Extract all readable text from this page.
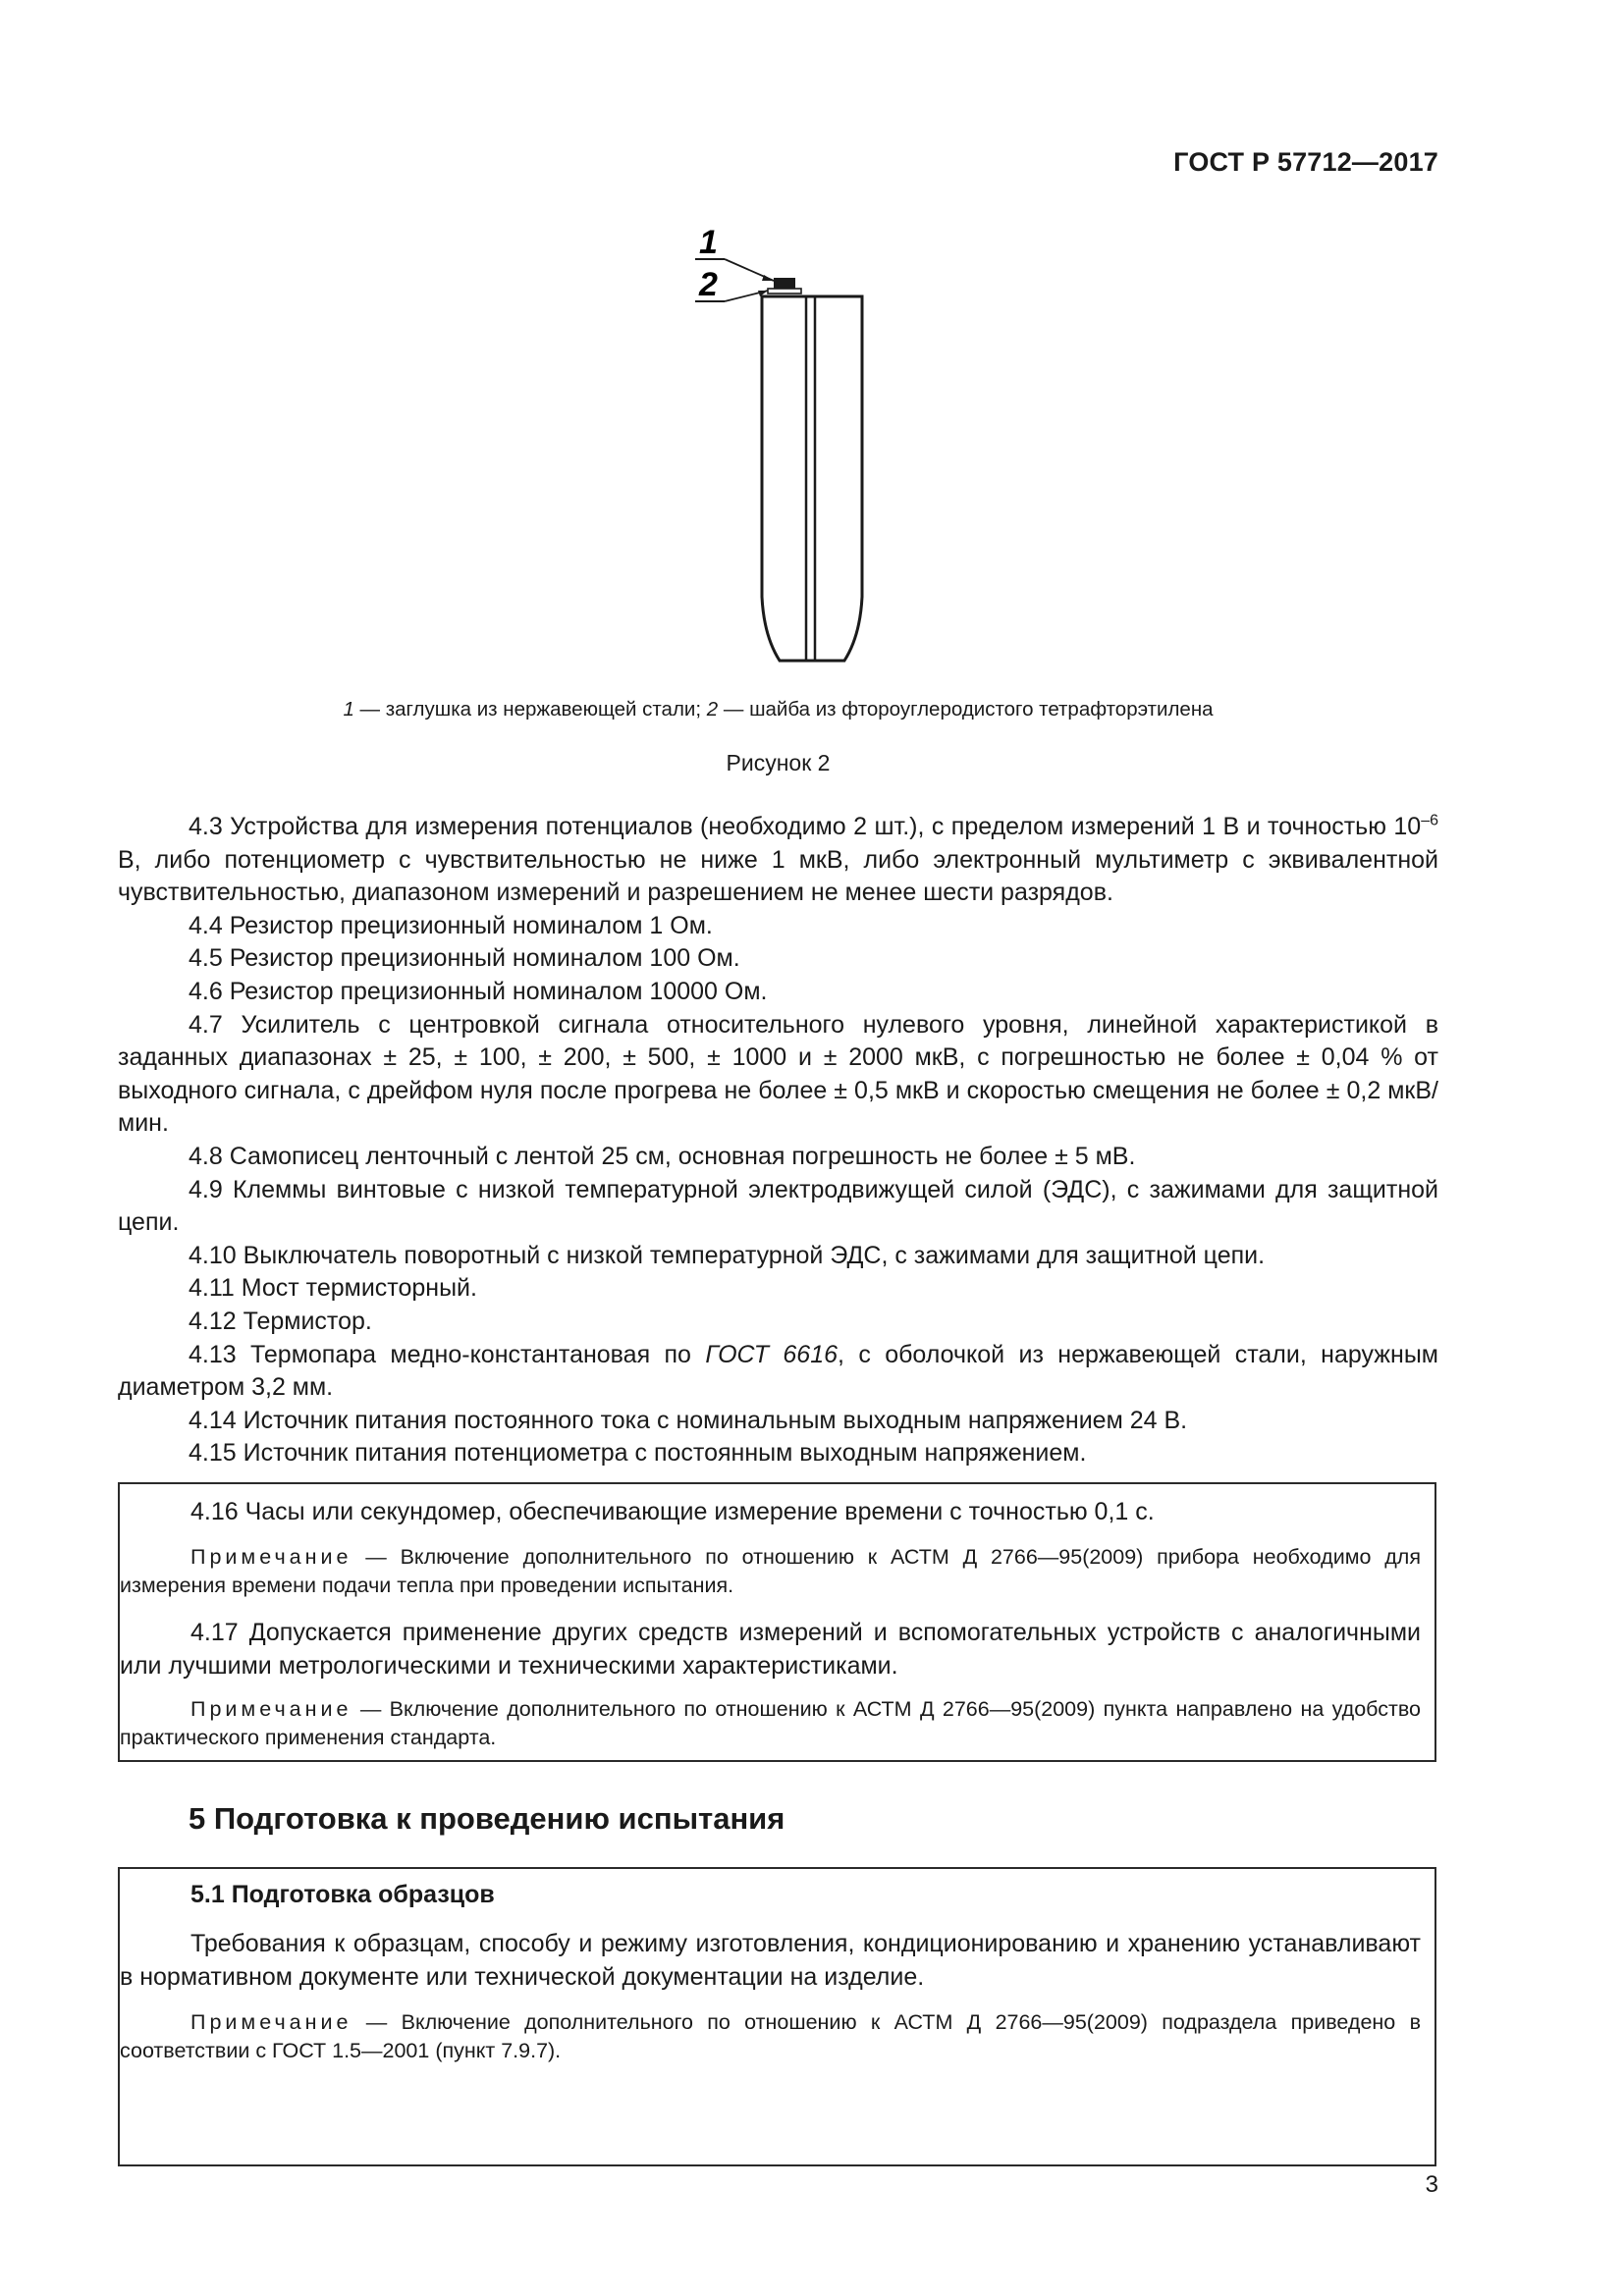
ГОСТ Р 57712—2017
1
2
1 — заглушка из нержавеющей стали; 2 — шайба из фтороуглеродистого тетрафторэтилена
Рисунок 2

4.3 Устройства для измерения потенциалов (необходимо 2 шт.), с пределом измерений 1 В и точностью $10^{-6}$ В, либо потенциометр с чувствительностью не ниже 1 мкВ, либо электронный мультиметр с эквивалентной чувствительностью, диапазоном измерений и разрешением не менее шести разрядов.

4.4 Резистор прецизионный номиналом 1 Ом.

4.5 Резистор прецизионный номиналом 100 Ом.

4.6 Резистор прецизионный номиналом 10000 Ом.

4.7 Усилитель с центровкой сигнала относительного нулевого уровня, линейной характеристикой в заданных диапазонах ± 25, ± 100, ± 200, ± 500, ± 1000 и ± 2000 мкВ, с погрешностью не более ± 0,04 % от выходного сигнала, с дрейфом нуля после прогрева не более ± 0,5 мкВ и скоростью смещения не более ± 0,2 мкВ/мин.

4.8 Самописец ленточный с лентой 25 см, основная погрешность не более ± 5 мВ.

4.9 Клеммы винтовые с низкой температурной электродвижущей силой (ЭДС), с зажимами для защитной цепи.

4.10 Выключатель поворотный с низкой температурной ЭДС, с зажимами для защитной цепи.

4.11 Мост термисторный.

4.12 Термистор.

4.13 Термопара медно-константановая по ГОСТ 6616, с оболочкой из нержавеющей стали, наружным диаметром 3,2 мм.

4.14 Источник питания постоянного тока с номинальным выходным напряжением 24 В.

4.15 Источник питания потенциометра с постоянным выходным напряжением.

4.16 Часы или секундомер, обеспечивающие измерение времени с точностью 0,1 с.

Примечание — Включение дополнительного по отношению к АСТМ Д 2766—95(2009) прибора необходимо для измерения времени подачи тепла при проведении испытания.

4.17 Допускается применение других средств измерений и вспомогательных устройств с аналогичными или лучшими метрологическими и техническими характеристиками.

Примечание — Включение дополнительного по отношению к АСТМ Д 2766—95(2009) пункта направлено на удобство практического применения стандарта.

5 Подготовка к проведению испытания
5.1 Подготовка образцов

Требования к образцам, способу и режиму изготовления, кондиционированию и хранению устанавливают в нормативном документе или технической документации на изделие.

Примечание — Включение дополнительного по отношению к АСТМ Д 2766—95(2009) подраздела приведено в соответствии с ГОСТ 1.5—2001 (пункт 7.9.7).

3
